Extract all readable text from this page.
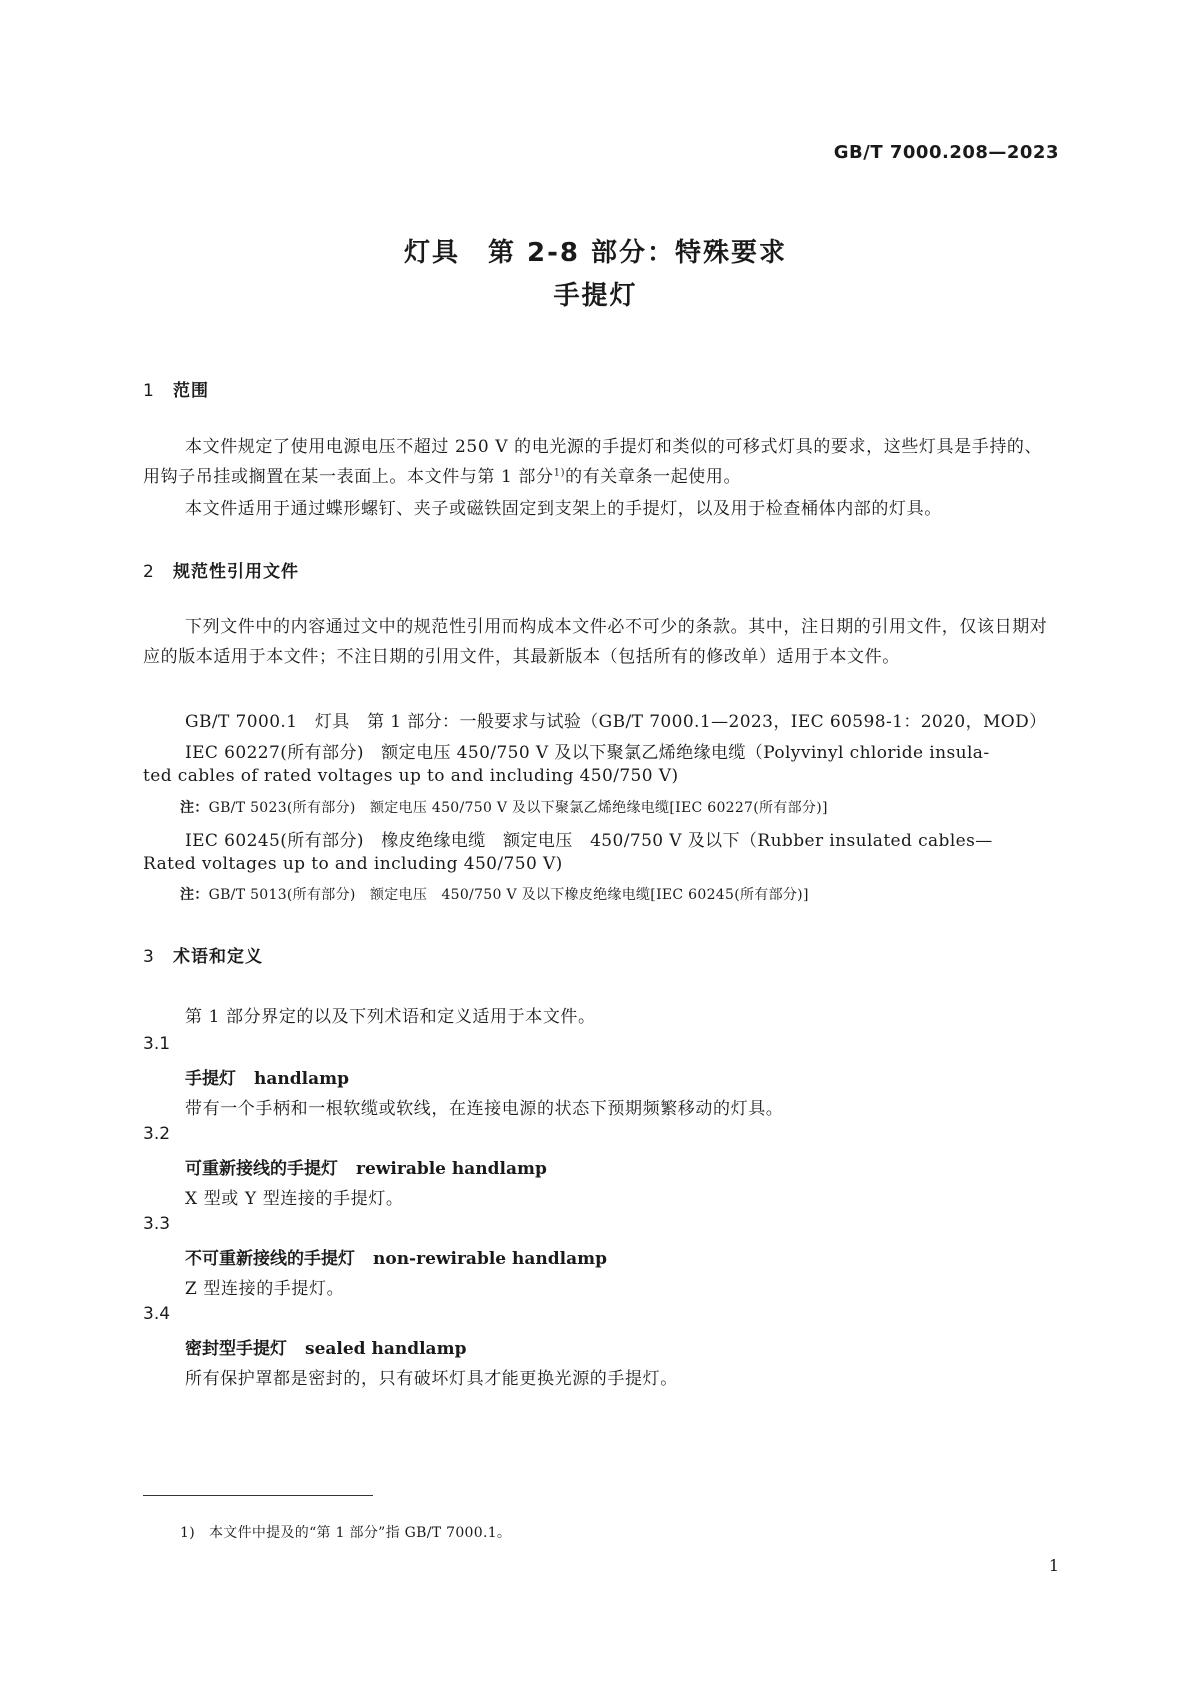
GB/T 7000.208—2023
灯具　第 2-8 部分：特殊要求
手提灯
1 范围
本文件规定了使用电源电压不超过 250 V 的电光源的手提灯和类似的可移式灯具的要求，这些灯具是手持的、用钩子吊挂或搁置在某一表面上。本文件与第 1 部分$^{1)}$的有关章条一起使用。
本文件适用于通过蝶形螺钉、夹子或磁铁固定到支架上的手提灯，以及用于检查桶体内部的灯具。
2 规范性引用文件
下列文件中的内容通过文中的规范性引用而构成本文件必不可少的条款。其中，注日期的引用文件，仅该日期对应的版本适用于本文件；不注日期的引用文件，其最新版本（包括所有的修改单）适用于本文件。
GB/T 7000.1　灯具　第 1 部分：一般要求与试验（GB/T 7000.1—2023，IEC 60598-1：2020，MOD）
IEC 60227(所有部分)　额定电压 450/750 V 及以下聚氯乙烯绝缘电缆（Polyvinyl chloride insula-
ted cables of rated voltages up to and including 450/750 V)
注：GB/T 5023(所有部分)　额定电压 450/750 V 及以下聚氯乙烯绝缘电缆[IEC 60227(所有部分)]
IEC 60245(所有部分)　橡皮绝缘电缆　额定电压　450/750 V 及以下（Rubber insulated cables—
Rated voltages up to and including 450/750 V)
注：GB/T 5013(所有部分)　额定电压　450/750 V 及以下橡皮绝缘电缆[IEC 60245(所有部分)]
3 术语和定义
第 1 部分界定的以及下列术语和定义适用于本文件。
3.1
手提灯 handlamp
带有一个手柄和一根软缆或软线，在连接电源的状态下预期频繁移动的灯具。
3.2
可重新接线的手提灯 rewirable handlamp
X 型或 Y 型连接的手提灯。
3.3
不可重新接线的手提灯 non-rewirable handlamp
Z 型连接的手提灯。
3.4
密封型手提灯 sealed handlamp
所有保护罩都是密封的，只有破坏灯具才能更换光源的手提灯。
1) 本文件中提及的“第 1 部分”指 GB/T 7000.1。
1
